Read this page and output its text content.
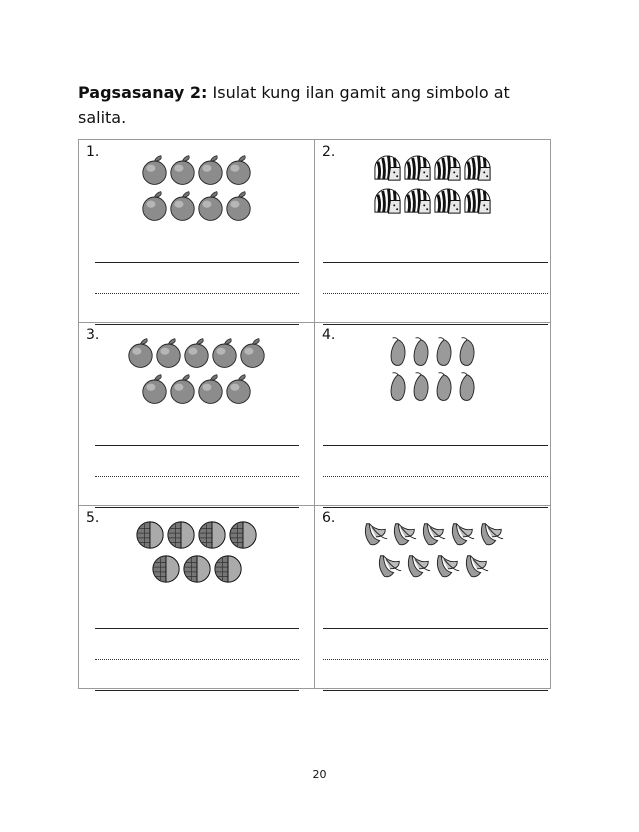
Pagsasanay 2: Isulat kung ilan gamit ang simbolo at salita.
1.	2.

3.	4.

5.	6.
20
